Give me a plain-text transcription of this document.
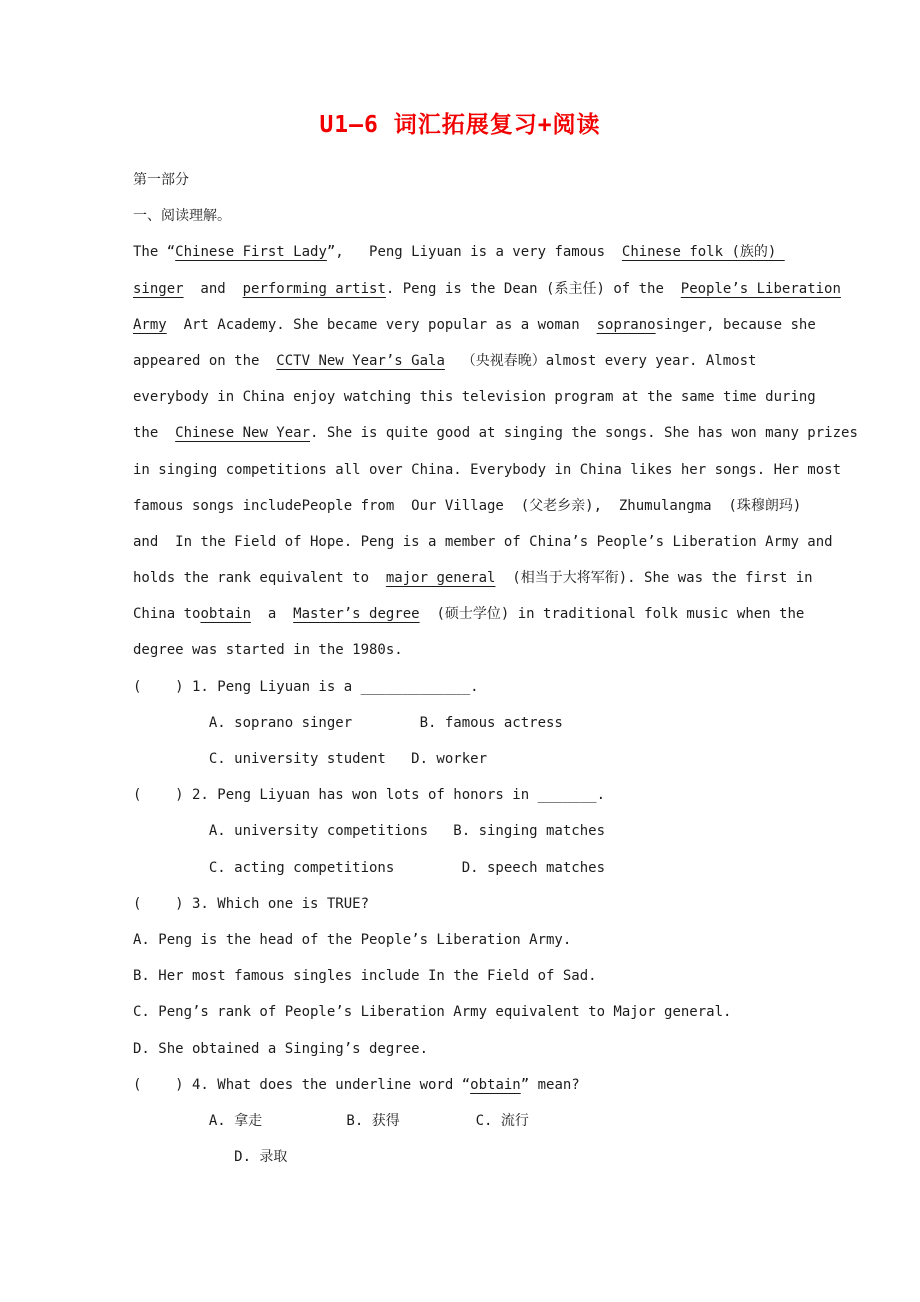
U1—6 词汇拓展复习+阅读
第一部分
一、阅读理解。
The “Chinese First Lady”,   Peng Liyuan is a very famous  Chinese folk (族的)
singer  and  performing artist. Peng is the Dean (系主任) of the  People’s Liberation
Army  Art Academy. She became very popular as a woman  sopranosinger, because she
appeared on the  CCTV New Year’s Gala  （央视春晚）almost every year. Almost
everybody in China enjoy watching this television program at the same time during
the  Chinese New Year. She is quite good at singing the songs. She has won many prizes
in singing competitions all over China. Everybody in China likes her songs. Her most
famous songs includePeople from  Our Village  (父老乡亲),  Zhumulangma  (珠穆朗玛)
and  In the Field of Hope. Peng is a member of China’s People’s Liberation Army and
holds the rank equivalent to  major general  (相当于大将军衔). She was the first in
China toobtain  a  Master’s degree  (硕士学位) in traditional folk music when the
degree was started in the 1980s.
(    ) 1. Peng Liyuan is a _____________.
A. soprano singer        B. famous actress
C. university student   D. worker
(    ) 2. Peng Liyuan has won lots of honors in _______.
A. university competitions   B. singing matches
C. acting competitions        D. speech matches
(    ) 3. Which one is TRUE?
A. Peng is the head of the People’s Liberation Army.
B. Her most famous singles include In the Field of Sad.
C. Peng’s rank of People’s Liberation Army equivalent to Major general.
D. She obtained a Singing’s degree.
(    ) 4. What does the underline word “obtain” mean?
A. 拿走          B. 获得         C. 流行
D. 录取
